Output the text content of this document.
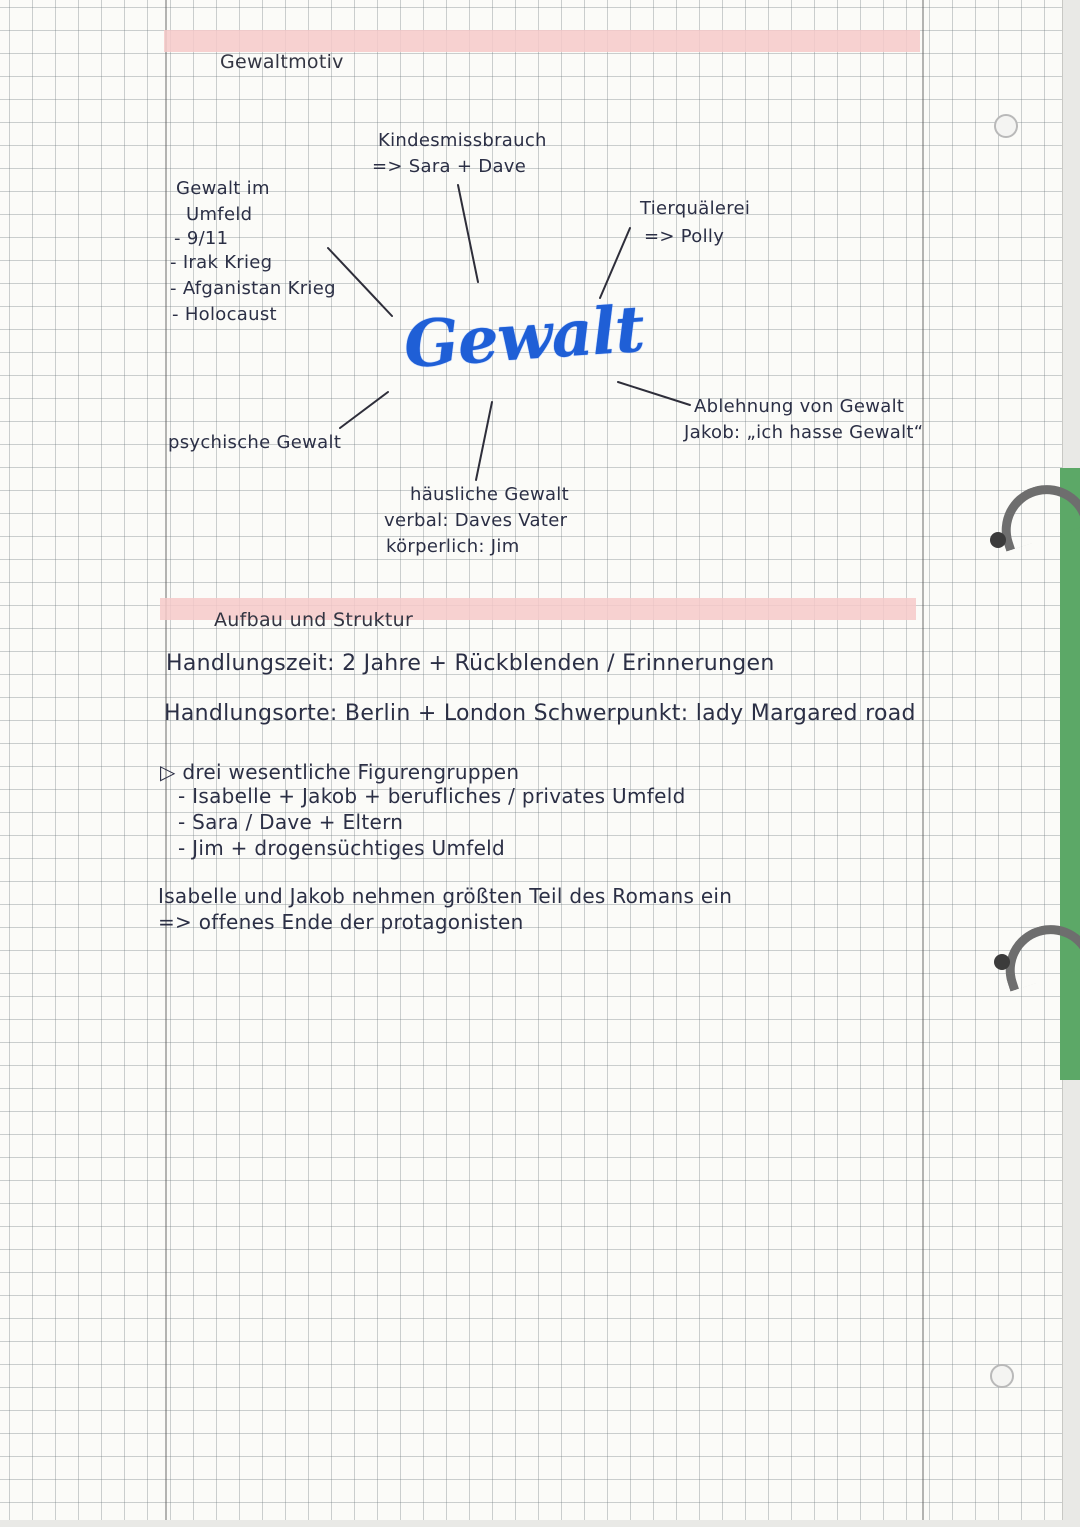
Gewaltmotiv
Gewalt
Kindesmissbrauch
=> Sara + Dave
Gewalt im
Umfeld
- 9/11
- Irak Krieg
- Afganistan Krieg
- Holocaust
Tierquälerei
=> Polly
Ablehnung von Gewalt
Jakob: „ich hasse Gewalt“
psychische Gewalt
häusliche Gewalt
verbal: Daves Vater
körperlich: Jim
Aufbau und Struktur
Handlungszeit: 2 Jahre + Rückblenden / Erinnerungen
Handlungsorte: Berlin + London Schwerpunkt: lady Margared road
▷ drei wesentliche Figurengruppen
- Isabelle + Jakob + berufliches / privates Umfeld
- Sara / Dave + Eltern
- Jim + drogensüchtiges Umfeld
Isabelle und Jakob nehmen größten Teil des Romans ein
=> offenes Ende der protagonisten
